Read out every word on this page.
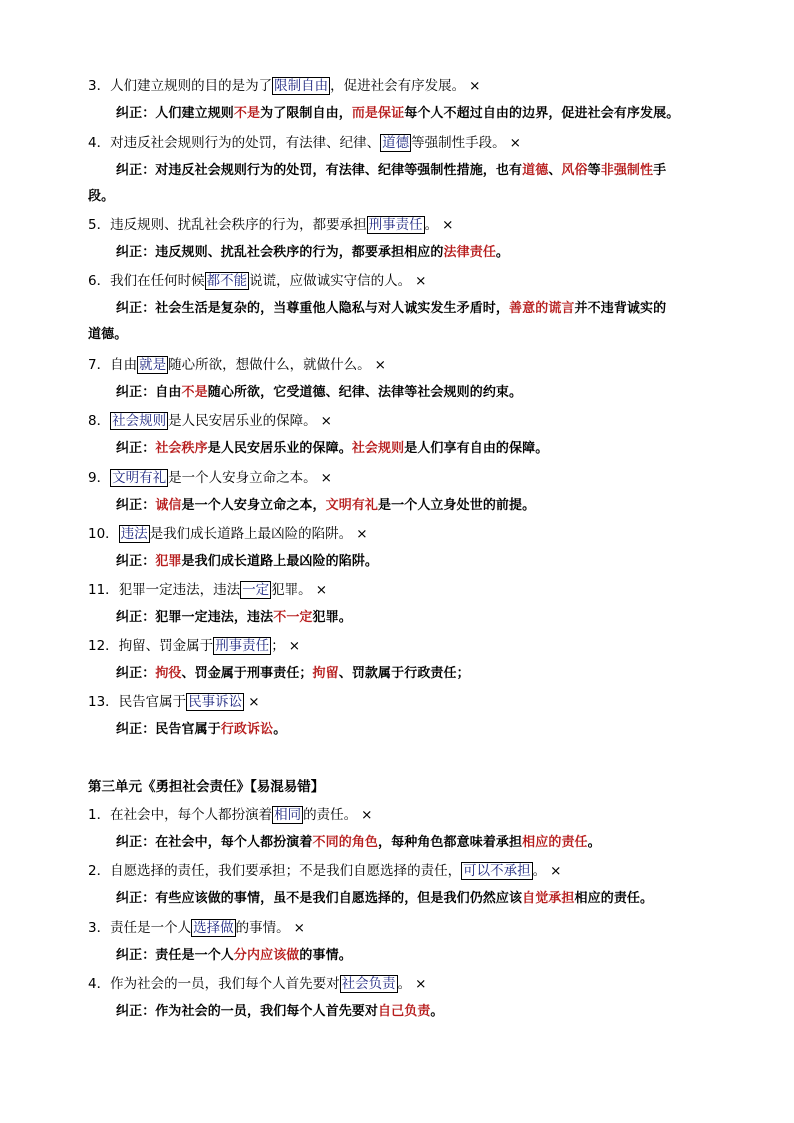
3．人们建立规则的目的是为了 限制自由 ，促进社会有序发展。 ×
纠正：人们建立规则不是为了限制自由，而是保证每个人不超过自由的边界，促进社会有序发展。
4．对违反社会规则行为的处罚，有法律、纪律、 道德 等强制性手段。 ×
纠正：对违反社会规则行为的处罚，有法律、纪律等强制性措施，也有道德、风俗等非强制性手
段。
5．违反规则、扰乱社会秩序的行为，都要承担 刑事责任 。 ×
纠正：违反规则、扰乱社会秩序的行为，都要承担相应的法律责任。
6．我们在任何时候 都不能 说谎，应做诚实守信的人。 ×
纠正：社会生活是复杂的，当尊重他人隐私与对人诚实发生矛盾时，善意的谎言并不违背诚实的
道德。
7．自由 就是 随心所欲，想做什么，就做什么。 ×
纠正：自由不是随心所欲，它受道德、纪律、法律等社会规则的约束。
8． 社会规则 是人民安居乐业的保障。 ×
纠正：社会秩序是人民安居乐业的保障。社会规则是人们享有自由的保障。
9． 文明有礼 是一个人安身立命之本。 ×
纠正：诚信是一个人安身立命之本，文明有礼是一个人立身处世的前提。
10． 违法 是我们成长道路上最凶险的陷阱。 ×
纠正：犯罪是我们成长道路上最凶险的陷阱。
11．犯罪一定违法，违法 一定 犯罪。 ×
纠正：犯罪一定违法，违法不一定犯罪。
12．拘留、罚金属于 刑事责任 ； ×
纠正：拘役、罚金属于刑事责任；拘留、罚款属于行政责任；
13．民告官属于 民事诉讼 ×
纠正：民告官属于行政诉讼。
第三单元《勇担社会责任》【易混易错】
1．在社会中，每个人都扮演着 相同 的责任。 ×
纠正：在社会中，每个人都扮演着不同的角色，每种角色都意味着承担相应的责任。
2．自愿选择的责任，我们要承担；不是我们自愿选择的责任， 可以不承担 。 ×
纠正：有些应该做的事情，虽不是我们自愿选择的，但是我们仍然应该自觉承担相应的责任。
3．责任是一个人 选择做 的事情。 ×
纠正：责任是一个人分内应该做的事情。
4．作为社会的一员，我们每个人首先要对 社会负责 。 ×
纠正：作为社会的一员，我们每个人首先要对自己负责。
